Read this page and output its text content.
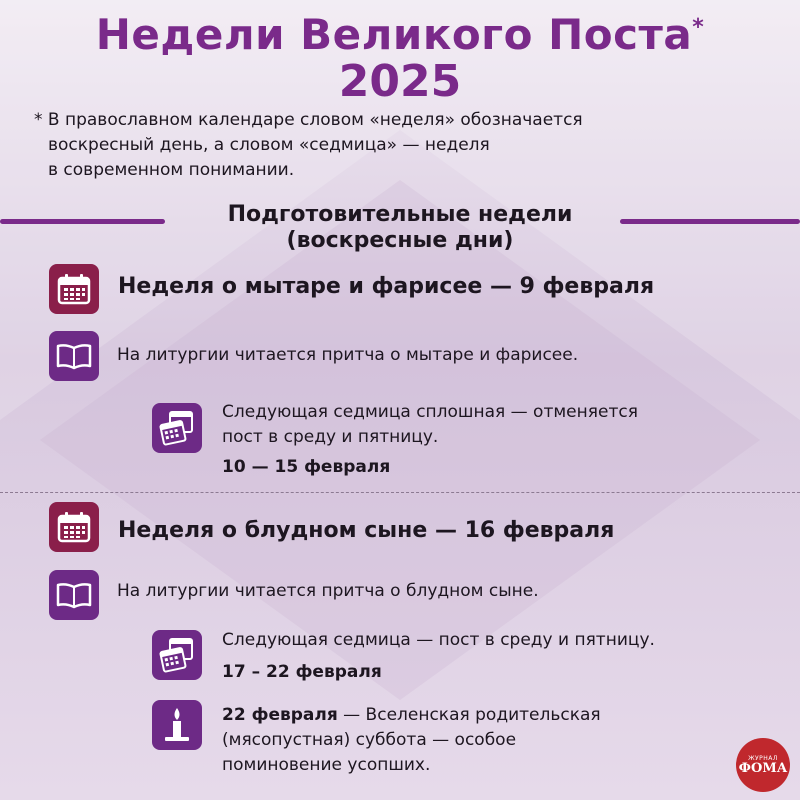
Недели Великого Поста*
2025
* В православном календаре словом «неделя» обозначается
воскресный день, а словом «седмица» — неделя
в современном понимании.
Подготовительные недели
(воскресные дни)
Неделя о мытаре и фарисее — 9 февраля
На литургии читается притча о мытаре и фарисее.
Следующая седмица сплошная — отменяется
пост в среду и пятницу.
10 — 15 февраля
Неделя о блудном сыне — 16 февраля
На литургии читается притча о блудном сыне.
Следующая седмица — пост в среду и пятницу.
17 – 22 февраля
22 февраля — Вселенская родительская
(мясопустная) суббота — особое
поминовение усопших.	ЖУРНАЛ
ФОМА
